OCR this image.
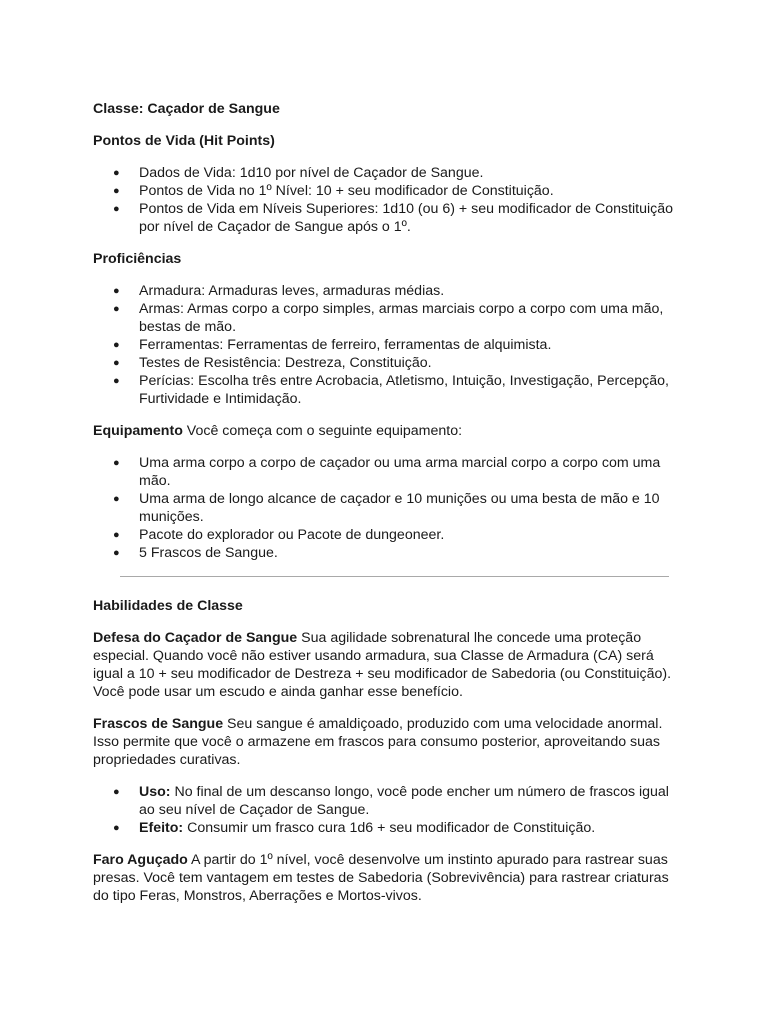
Classe: Caçador de Sangue
Pontos de Vida (Hit Points)
● Dados de Vida: 1d10 por nível de Caçador de Sangue.
● Pontos de Vida no 1º Nível: 10 + seu modificador de Constituição.
● Pontos de Vida em Níveis Superiores: 1d10 (ou 6) + seu modificador de Constituição por nível de Caçador de Sangue após o 1º.
Proficiências
● Armadura: Armaduras leves, armaduras médias.
● Armas: Armas corpo a corpo simples, armas marciais corpo a corpo com uma mão, bestas de mão.
● Ferramentas: Ferramentas de ferreiro, ferramentas de alquimista.
● Testes de Resistência: Destreza, Constituição.
● Perícias: Escolha três entre Acrobacia, Atletismo, Intuição, Investigação, Percepção, Furtividade e Intimidação.

Equipamento Você começa com o seguinte equipamento:

● Uma arma corpo a corpo de caçador ou uma arma marcial corpo a corpo com uma mão.
● Uma arma de longo alcance de caçador e 10 munições ou uma besta de mão e 10 munições.
● Pacote do explorador ou Pacote de dungeoneer.
● 5 Frascos de Sangue.
Habilidades de Classe

Defesa do Caçador de Sangue Sua agilidade sobrenatural lhe concede uma proteção especial. Quando você não estiver usando armadura, sua Classe de Armadura (CA) será igual a 10 + seu modificador de Destreza + seu modificador de Sabedoria (ou Constituição). Você pode usar um escudo e ainda ganhar esse benefício.

Frascos de Sangue Seu sangue é amaldiçoado, produzido com uma velocidade anormal. Isso permite que você o armazene em frascos para consumo posterior, aproveitando suas propriedades curativas.

● Uso: No final de um descanso longo, você pode encher um número de frascos igual ao seu nível de Caçador de Sangue.
● Efeito: Consumir um frasco cura 1d6 + seu modificador de Constituição.

Faro Aguçado A partir do 1º nível, você desenvolve um instinto apurado para rastrear suas presas. Você tem vantagem em testes de Sabedoria (Sobrevivência) para rastrear criaturas do tipo Feras, Monstros, Aberrações e Mortos-vivos.
